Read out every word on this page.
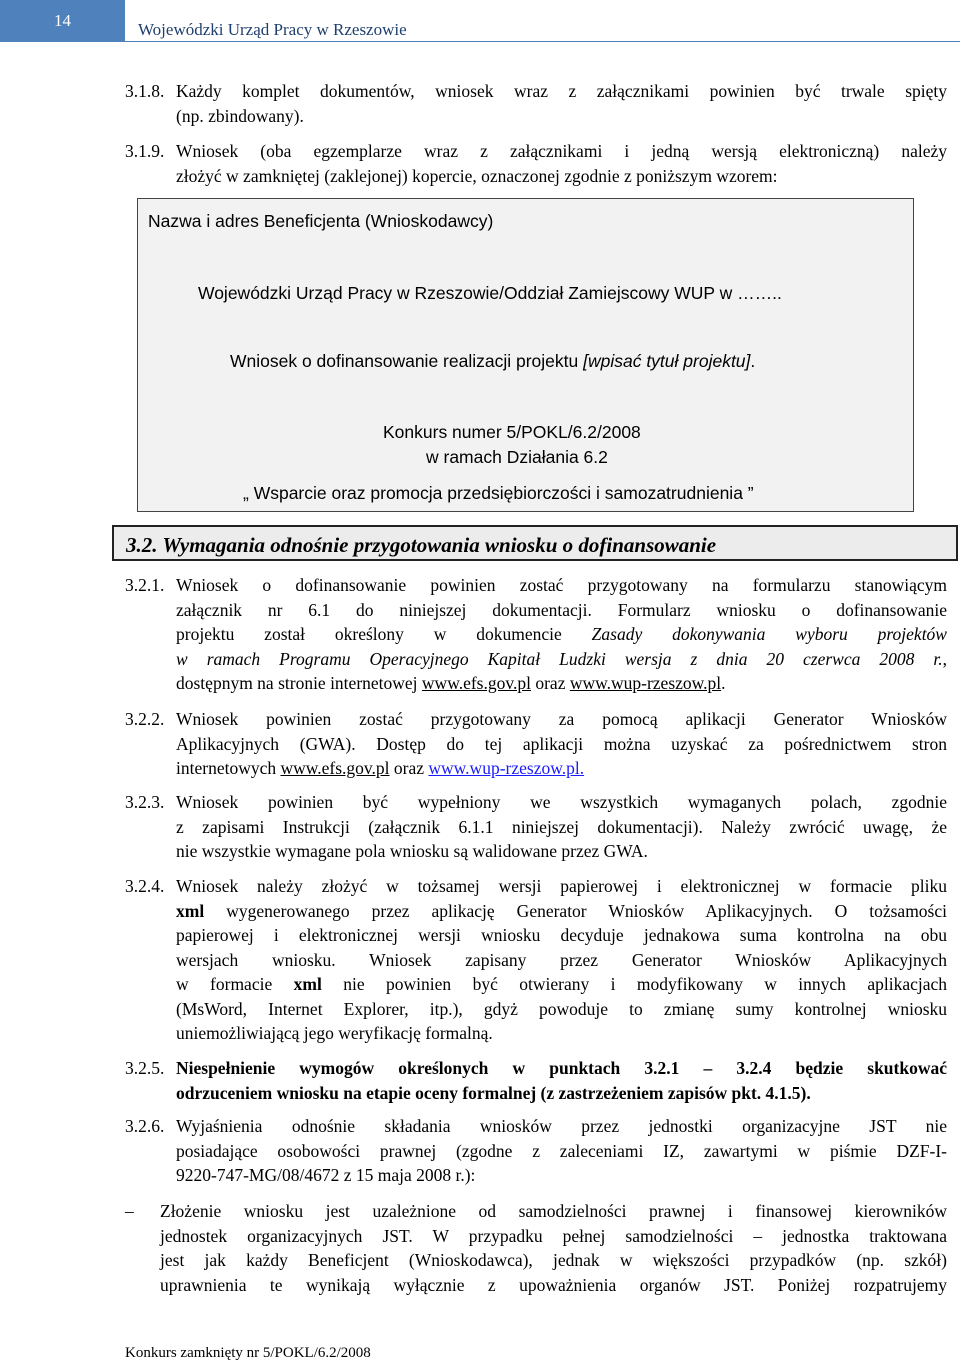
14	Wojewódzki Urząd Pracy w Rzeszowie
3.1.8. Każdy komplet dokumentów, wniosek wraz z załącznikami powinien być trwale spięty
(np. zbindowany).
3.1.9. Wniosek (oba egzemplarze wraz z załącznikami i jedną wersją elektroniczną) należy
złożyć w zamkniętej (zaklejonej) kopercie, oznaczonej zgodnie z poniższym wzorem:
Nazwa i adres Beneficjenta (Wnioskodawcy)
Wojewódzki Urząd Pracy w Rzeszowie/Oddział Zamiejscowy WUP w ……..
Wniosek o dofinansowanie realizacji projektu [wpisać tytuł projektu].
Konkurs numer 5/POKL/6.2/2008
w ramach Działania 6.2
„ Wsparcie oraz promocja przedsiębiorczości i samozatrudnienia ”
3.2. Wymagania odnośnie przygotowania wniosku o dofinansowanie
3.2.1. Wniosek o dofinansowanie powinien zostać przygotowany na formularzu stanowiącym
załącznik nr 6.1 do niniejszej dokumentacji. Formularz wniosku o dofinansowanie
projektu został określony w dokumencie Zasady dokonywania wyboru projektów
w ramach Programu Operacyjnego Kapitał Ludzki wersja z dnia 20 czerwca 2008 r.,
dostępnym na stronie internetowej www.efs.gov.pl oraz www.wup-rzeszow.pl.
3.2.2. Wniosek powinien zostać przygotowany za pomocą aplikacji Generator Wniosków
Aplikacyjnych (GWA). Dostęp do tej aplikacji można uzyskać za pośrednictwem stron
internetowych www.efs.gov.pl oraz www.wup-rzeszow.pl.
3.2.3. Wniosek powinien być wypełniony we wszystkich wymaganych polach, zgodnie
z zapisami Instrukcji (załącznik 6.1.1 niniejszej dokumentacji). Należy zwrócić uwagę, że
nie wszystkie wymagane pola wniosku są walidowane przez GWA.
3.2.4. Wniosek należy złożyć w tożsamej wersji papierowej i elektronicznej w formacie pliku
xml wygenerowanego przez aplikację Generator Wniosków Aplikacyjnych. O tożsamości
papierowej i elektronicznej wersji wniosku decyduje jednakowa suma kontrolna na obu
wersjach wniosku. Wniosek zapisany przez Generator Wniosków Aplikacyjnych
w formacie xml nie powinien być otwierany i modyfikowany w innych aplikacjach
(MsWord, Internet Explorer, itp.), gdyż powoduje to zmianę sumy kontrolnej wniosku
uniemożliwiającą jego weryfikację formalną.
3.2.5. Niespełnienie wymogów określonych w punktach 3.2.1 – 3.2.4 będzie skutkować
odrzuceniem wniosku na etapie oceny formalnej (z zastrzeżeniem zapisów pkt. 4.1.5).
3.2.6. Wyjaśnienia odnośnie składania wniosków przez jednostki organizacyjne JST nie
posiadające osobowości prawnej (zgodne z zaleceniami IZ, zawartymi w piśmie DZF-I-
9220-747-MG/08/4672 z 15 maja 2008 r.):
– Złożenie wniosku jest uzależnione od samodzielności prawnej i finansowej kierowników
jednostek organizacyjnych JST. W przypadku pełnej samodzielności – jednostka traktowana
jest jak każdy Beneficjent (Wnioskodawca), jednak w większości przypadków (np. szkół)
uprawnienia te wynikają wyłącznie z upoważnienia organów JST. Poniżej rozpatrujemy
Konkurs zamknięty nr 5/POKL/6.2/2008
